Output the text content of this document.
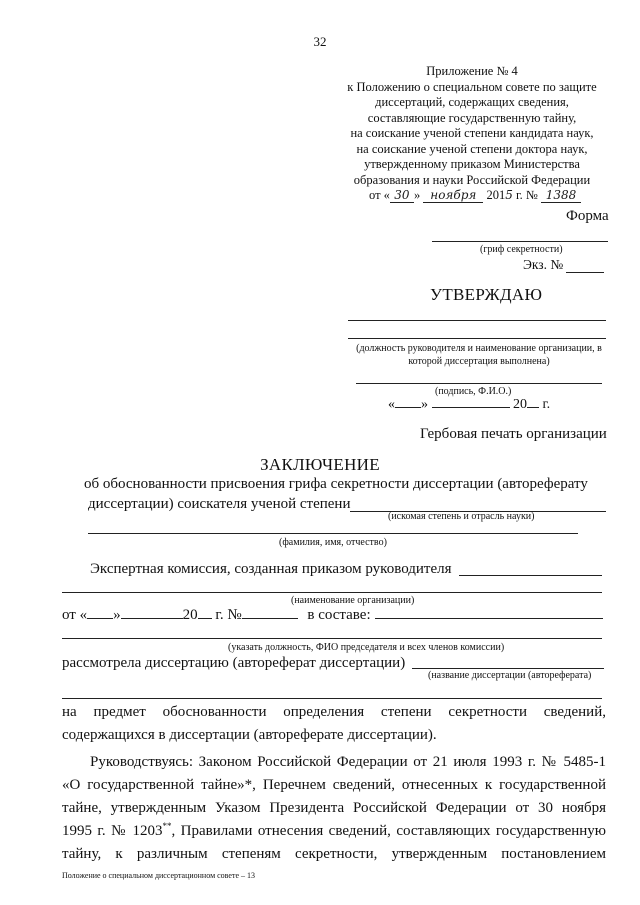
32
Приложение № 4
к Положению о специальном совете по защите
диссертаций, содержащих сведения,
составляющие государственную тайну,
на соискание ученой степени кандидата наук,
на соискание ученой степени доктора наук,
утвержденному приказом Министерства
образования и науки Российской Федерации
от « 30 » ноября 2015 г. № 1388
Форма
(гриф секретности)
Экз. №
УТВЕРЖДАЮ
(должность руководителя и наименование организации, в которой диссертация выполнена)
(подпись, Ф.И.О.)
« »	20 г.
Гербовая печать организации
ЗАКЛЮЧЕНИЕ
об обоснованности присвоения грифа секретности диссертации (автореферату
диссертации) соискателя ученой степени
(искомая степень и отрасль науки)
(фамилия, имя, отчество)
Экспертная комиссия, созданная приказом руководителя
(наименование организации)
от « »	20 г. №	в составе:
(указать должность, ФИО председателя и всех членов комиссии)
рассмотрела диссертацию (автореферат диссертации)
(название диссертации (автореферата)
на предмет обоснованности определения степени секретности сведений,
содержащихся в диссертации (автореферате диссертации).
Руководствуясь: Законом Российской Федерации от 21 июля 1993 г. № 5485-1
«О государственной тайне»*, Перечнем сведений, отнесенных к государственной
тайне, утвержденным Указом Президента Российской Федерации от 30 ноября
1995 г. № 1203**, Правилами отнесения сведений, составляющих государственную
тайну, к различным степеням секретности, утвержденным постановлением
Положение о специальном диссертационном совете – 13
